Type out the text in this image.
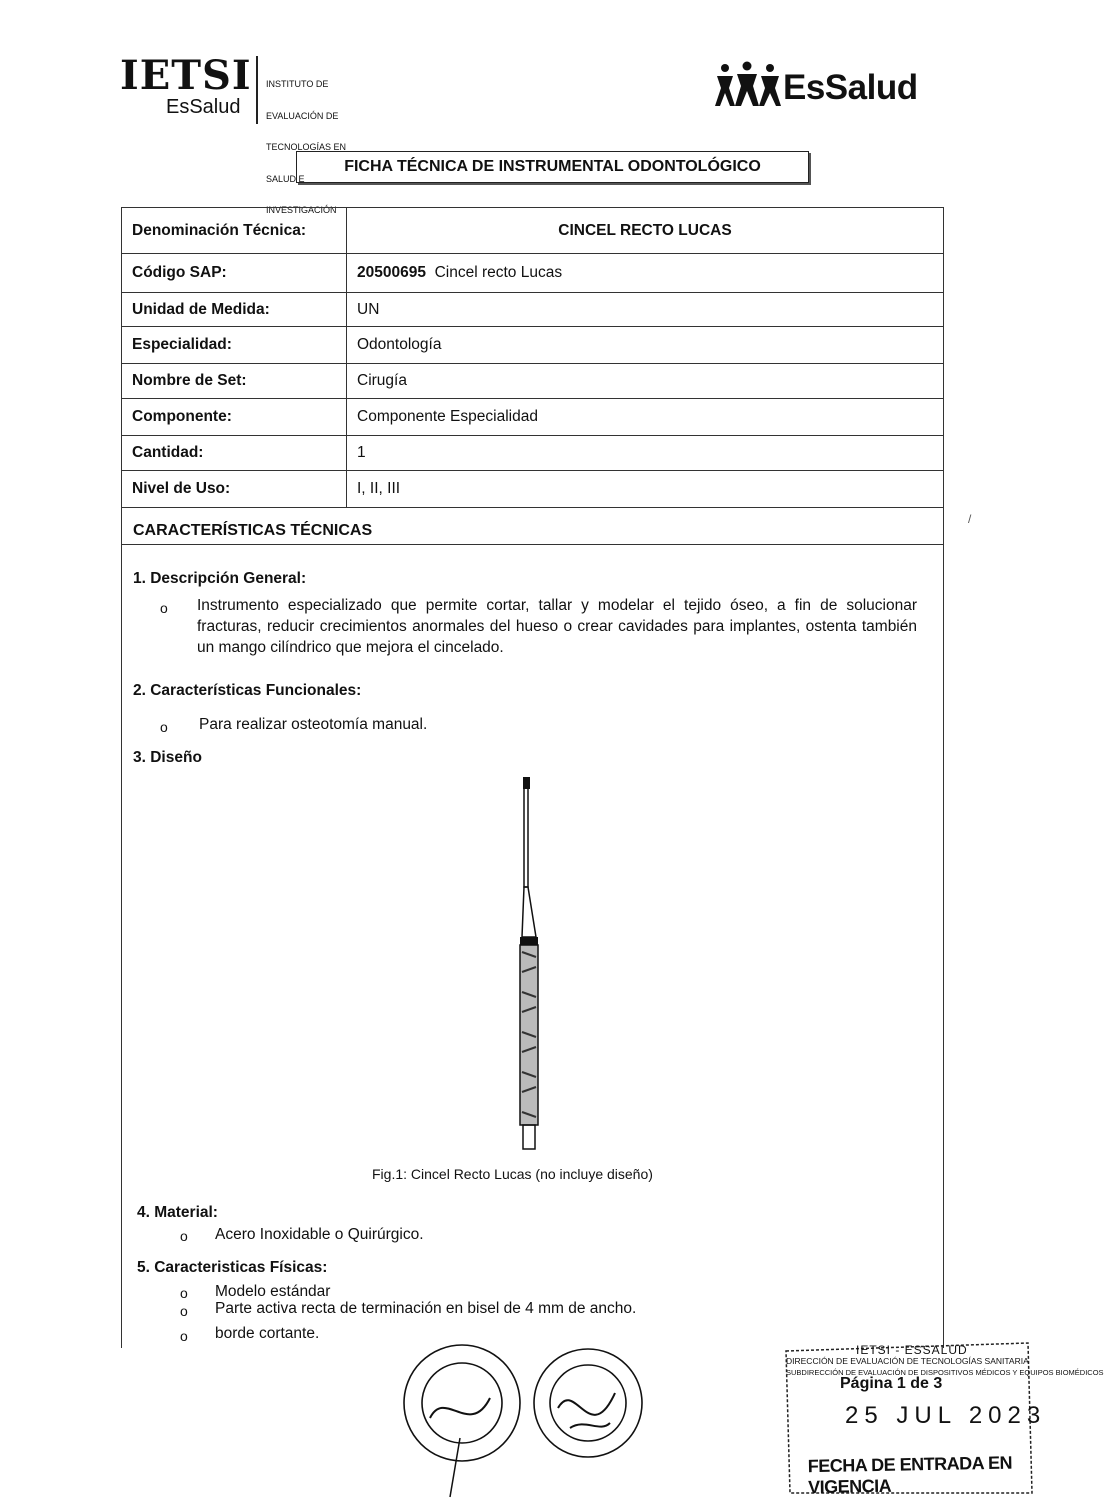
IETSI
EsSalud

INSTITUTO DE

EVALUACIÓN DE

TECNOLOGÍAS EN

SALUD E

INVESTIGACIÓN

EsSalud
FICHA TÉCNICA DE INSTRUMENTAL ODONTOLÓGICO
Denominación Técnica:	CINCEL RECTO LUCAS
Código SAP:	20500695 Cincel recto Lucas
Unidad de Medida:	UN
Especialidad:	Odontología
Nombre de Set:	Cirugía
Componente:	Componente Especialidad
Cantidad:	1
Nivel de Uso:	I, II, III
CARACTERÍSTICAS TÉCNICAS
/
1. Descripción General:
o Instrumento especializado que permite cortar, tallar y modelar el tejido óseo, a fin de solucionar fracturas, reducir crecimientos anormales del hueso o crear cavidades para implantes, ostenta también un mango cilíndrico que mejora el cincelado.
2. Características Funcionales:
o Para realizar osteotomía manual.
3. Diseño
Fig.1: Cincel Recto Lucas (no incluye diseño)
4. Material:
o Acero Inoxidable o Quirúrgico.
5. Caracteristicas Físicas:
o Modelo estándar
o Parte activa recta de terminación en bisel de 4 mm de ancho.
o borde cortante.
IETSI - ESSALUD
DIRECCIÓN DE EVALUACIÓN DE TECNOLOGÍAS SANITARIA
SUBDIRECCIÓN DE EVALUACIÓN DE DISPOSITIVOS MÉDICOS Y EQUIPOS BIOMÉDICOS
Página 1 de 3
25 JUL 2023
FECHA DE ENTRADA EN VIGENCIA
